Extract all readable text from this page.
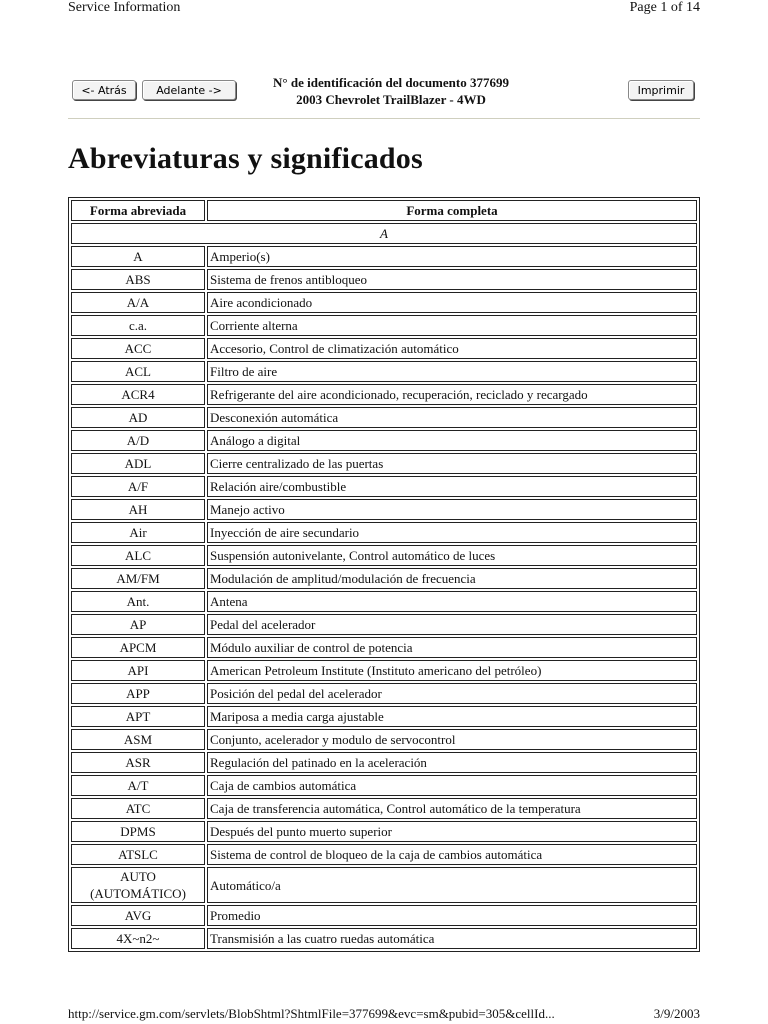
Service Information	Page 1 of 14
<- Atrás	Adelante ->	N° de identificación del documento 377699
2003 Chevrolet TrailBlazer - 4WD
Imprimir
Abreviaturas y significados
Forma abreviada	Forma completa
A	
A	Amperio(s)
ABS	Sistema de frenos antibloqueo
A/A	Aire acondicionado
c.a.	Corriente alterna
ACC	Accesorio, Control de climatización automático
ACL	Filtro de aire
ACR4	Refrigerante del aire acondicionado, recuperación, reciclado y recargado
AD	Desconexión automática
A/D	Análogo a digital
ADL	Cierre centralizado de las puertas
A/F	Relación aire/combustible
AH	Manejo activo
Air	Inyección de aire secundario
ALC	Suspensión autonivelante, Control automático de luces
AM/FM	Modulación de amplitud/modulación de frecuencia
Ant.	Antena
AP	Pedal del acelerador
APCM	Módulo auxiliar de control de potencia
API	American Petroleum Institute (Instituto americano del petróleo)
APP	Posición del pedal del acelerador
APT	Mariposa a media carga ajustable
ASM	Conjunto, acelerador y modulo de servocontrol
ASR	Regulación del patinado en la aceleración
A/T	Caja de cambios automática
ATC	Caja de transferencia automática, Control automático de la temperatura
DPMS	Después del punto muerto superior
ATSLC	Sistema de control de bloqueo de la caja de cambios automática
AUTO (AUTOMÁTICO)	Automático/a
AVG	Promedio
4X~n2~	Transmisión a las cuatro ruedas automática
http://service.gm.com/servlets/BlobShtml?ShtmlFile=377699&evc=sm&pubid=305&cellId...	3/9/2003
